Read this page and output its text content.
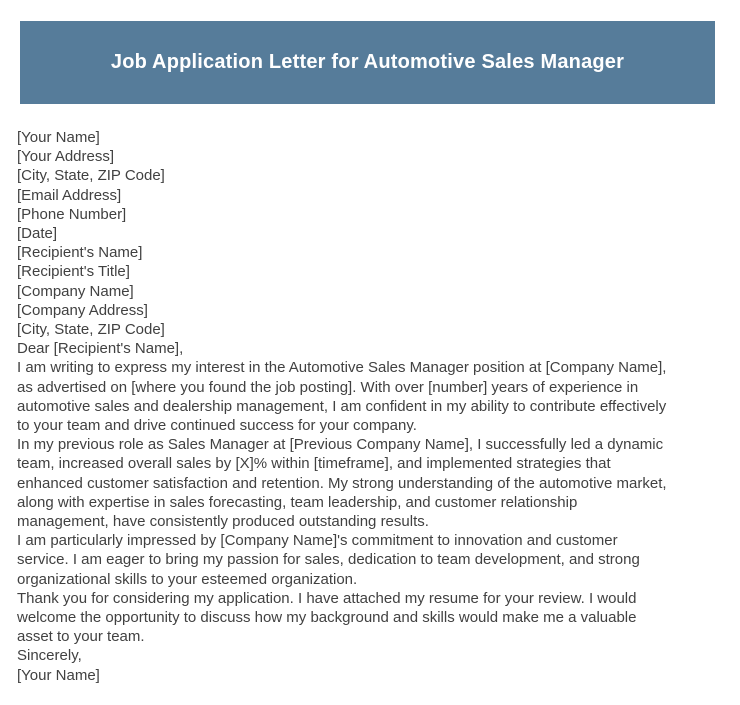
Job Application Letter for Automotive Sales Manager
[Your Name]
[Your Address]
[City, State, ZIP Code]
[Email Address]
[Phone Number]
[Date]
[Recipient's Name]
[Recipient's Title]
[Company Name]
[Company Address]
[City, State, ZIP Code]
Dear [Recipient's Name],
I am writing to express my interest in the Automotive Sales Manager position at [Company Name],
as advertised on [where you found the job posting]. With over [number] years of experience in
automotive sales and dealership management, I am confident in my ability to contribute effectively
to your team and drive continued success for your company.
In my previous role as Sales Manager at [Previous Company Name], I successfully led a dynamic
team, increased overall sales by [X]% within [timeframe], and implemented strategies that
enhanced customer satisfaction and retention. My strong understanding of the automotive market,
along with expertise in sales forecasting, team leadership, and customer relationship
management, have consistently produced outstanding results.
I am particularly impressed by [Company Name]'s commitment to innovation and customer
service. I am eager to bring my passion for sales, dedication to team development, and strong
organizational skills to your esteemed organization.
Thank you for considering my application. I have attached my resume for your review. I would
welcome the opportunity to discuss how my background and skills would make me a valuable
asset to your team.
Sincerely,
[Your Name]
